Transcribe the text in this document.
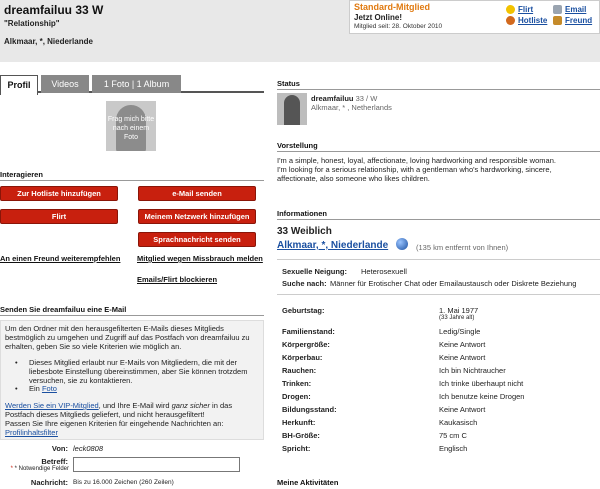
dreamfailuu 33 W
"Relationship"
Alkmaar, *, Niederlande
Standard-Mitglied
Jetzt Online!
Mitglied seit: 28. Oktober 2010
Flirt	Email
Hotliste Freund
Profil	Videos	1 Foto | 1 Album
Frag mich bitte nach einem Foto
Interagieren
Zur Hotliste hinzufügen	e-Mail senden
Flirt	Meinem Netzwerk hinzufügen
Sprachnachricht senden
An einen Freund weiterempfehlen Mitglied wegen Missbrauch melden
Emails/Flirt blockieren
Senden Sie dreamfailuu eine E-Mail
Um den Ordner mit den herausgefilterten E-Mails dieses Mitglieds bestmöglich zu umgehen und Zugriff auf das Postfach von dreamfailuu zu erhalten, geben Sie so viele Kriterien wie möglich an.
• Dieses Mitglied erlaubt nur E-Mails von Mitgliedern, die mit der liebesbote Einstellung übereinstimmen, aber Sie können trotzdem versuchen, sie zu kontaktieren.
• Ein Foto
Werden Sie ein VIP-Mitglied, und Ihre E-Mail wird ganz sicher in das Postfach dieses Mitglieds geliefert, und nicht herausgefiltert!
Passen Sie Ihre eigenen Kriterien für eingehende Nachrichten an:
Profilinhaltsfilter
Von: leck0808
Betreff:
* * Notwendige Felder
Nachricht: Bis zu 16.000 Zeichen (260 Zeilen)
Status
dreamfailuu 33 / W
Alkmaar, * , Netherlands
Vorstellung
I'm a simple, honest, loyal, affectionate, loving hardworking and responsible woman.
I'm looking for a serious relationship, with a gentleman who's hardworking, sincere,
affectionate, also someone who likes children.
Informationen
33 Weiblich
Alkmaar, *, Niederlande	(135 km entfernt von Ihnen)
Sexuelle Neigung: Heterosexuell
Suche nach: Männer für Erotischer Chat oder Emailaustausch oder Diskrete Beziehung
Geburtstag:	1. Mai 1977
(33 Jahre alt)
Familienstand:	Ledig/Single
Körpergröße:	Keine Antwort
Körperbau:	Keine Antwort
Rauchen:	Ich bin Nichtraucher
Trinken:	Ich trinke überhaupt nicht
Drogen:	Ich benutze keine Drogen
Bildungsstand:	Keine Antwort
Herkunft:	Kaukasisch
BH-Größe:	75 cm C
Spricht:	Englisch
Meine Aktivitäten
